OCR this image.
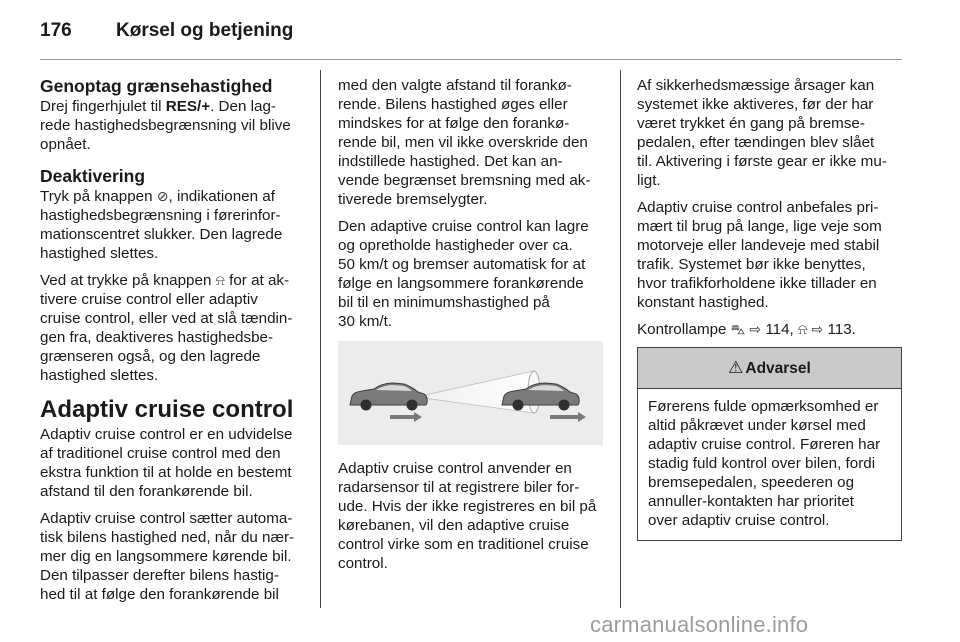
176 Kørsel og betjening
Genoptag grænsehastighed

Drej fingerhjulet til RES/+. Den lag-
rede hastighedsbegrænsning vil blive
opnået.

Deaktivering

Tryk på knappen ⊘, indikationen af
hastighedsbegrænsning i førerinfor-
mationscentret slukker. Den lagrede
hastighed slettes.

Ved at trykke på knappen ⍾ for at ak-
tivere cruise control eller adaptiv
cruise control, eller ved at slå tændin-
gen fra, deaktiveres hastighedsbe-
grænseren også, og den lagrede
hastighed slettes.

Adaptiv cruise control

Adaptiv cruise control er en udvidelse
af traditionel cruise control med den
ekstra funktion til at holde en bestemt
afstand til den forankørende bil.

Adaptiv cruise control sætter automa-
tisk bilens hastighed ned, når du nær-
mer dig en langsommere kørende bil.
Den tilpasser derefter bilens hastig-
hed til at følge den forankørende bil

med den valgte afstand til forankø-
rende. Bilens hastighed øges eller
mindskes for at følge den forankø-
rende bil, men vil ikke overskride den
indstillede hastighed. Det kan an-
vende begrænset bremsning med ak-
tiverede bremselygter.

Den adaptive cruise control kan lagre
og opretholde hastigheder over ca.
50 km/t og bremser automatisk for at
følge en langsommere forankørende
bil til en minimumshastighed på
30 km/t.

Adaptiv cruise control anvender en
radarsensor til at registrere biler for-
ude. Hvis der ikke registreres en bil på
kørebanen, vil den adaptive cruise
control virke som en traditionel cruise
control.

Af sikkerhedsmæssige årsager kan
systemet ikke aktiveres, før der har
været trykket én gang på bremse-
pedalen, efter tændingen blev slået
til. Aktivering i første gear er ikke mu-
ligt.

Adaptiv cruise control anbefales pri-
mært til brug på lange, lige veje som
motorveje eller landeveje med stabil
trafik. Systemet bør ikke benyttes,
hvor trafikforholdene ikke tillader en
konstant hastighed.

Kontrollampe ⛍ ⇨ 114, ⍾ ⇨ 113.

⚠ Advarsel
Førerens fulde opmærksomhed er
altid påkrævet under kørsel med
adaptiv cruise control. Føreren har
stadig fuld kontrol over bilen, fordi
bremsepedalen, speederen og
annuller-kontakten har prioritet
over adaptiv cruise control.
carmanualsonline.info
